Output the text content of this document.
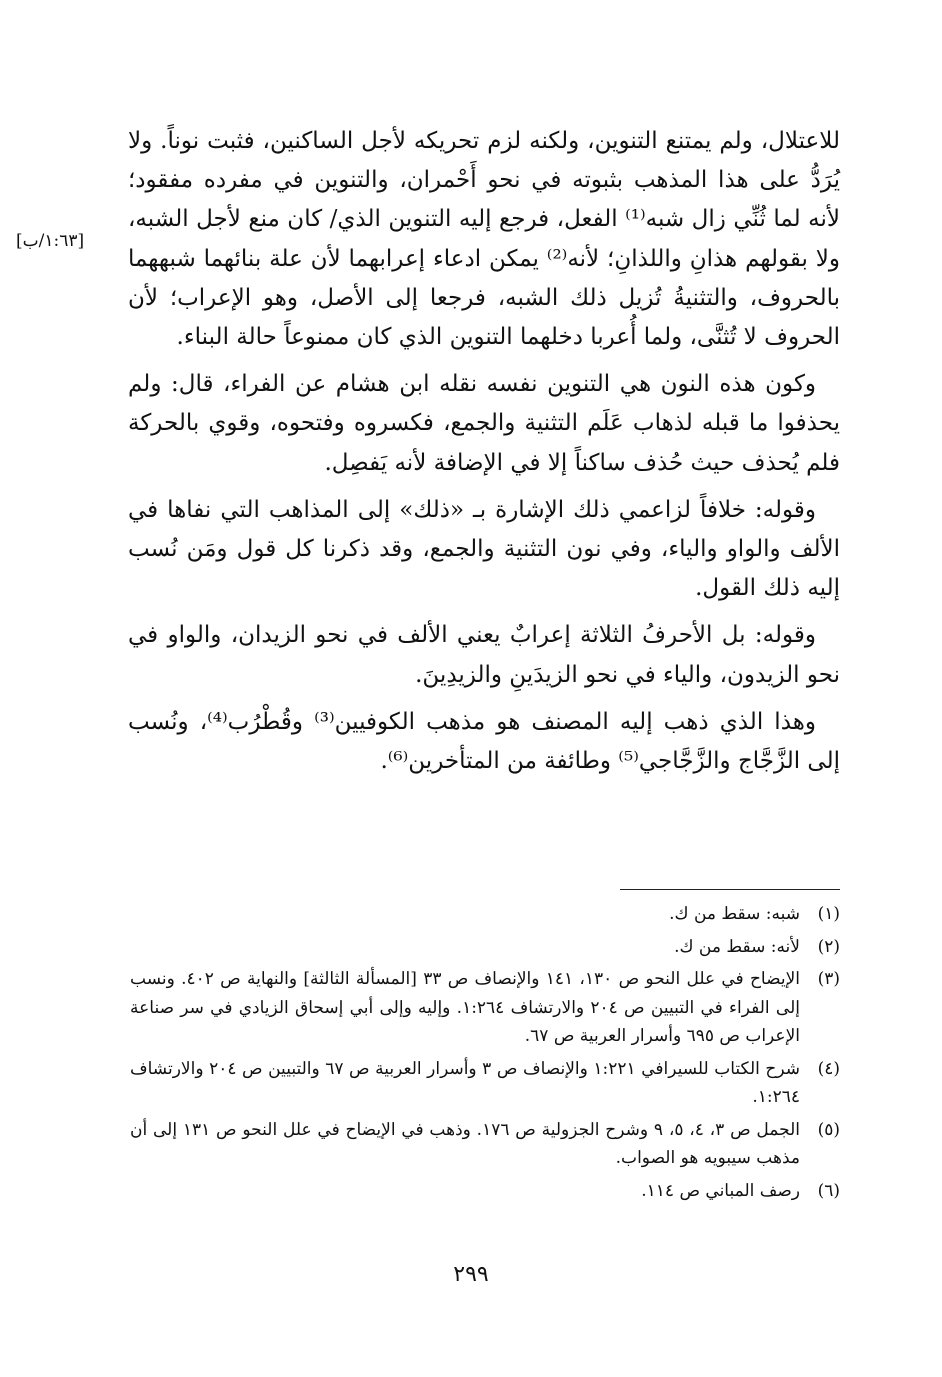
للاعتلال، ولم يمتنع التنوين، ولكنه لزم تحريكه لأجل الساكنين، فثبت نوناً. ولا يُرَدُّ على هذا المذهب بثبوته في نحو أَحْمران، والتنوين في مفرده مفقود؛ لأنه لما ثُنِّي زال شبه⁽¹⁾ الفعل، فرجع إليه التنوين الذي/ كان منع لأجل الشبه، ولا بقولهم هذانِ واللذانِ؛ لأنه⁽²⁾ يمكن ادعاء إعرابهما لأن علة بنائهما شبههما بالحروف، والتثنيةُ تُزيل ذلك الشبه، فرجعا إلى الأصل، وهو الإعراب؛ لأن الحروف لا تُثنَّى، ولما أُعربا دخلهما التنوين الذي كان ممنوعاً حالة البناء.

وكون هذه النون هي التنوين نفسه نقله ابن هشام عن الفراء، قال: ولم يحذفوا ما قبله لذهاب عَلَم التثنية والجمع، فكسروه وفتحوه، وقوي بالحركة فلم يُحذف حيث حُذف ساكناً إلا في الإضافة لأنه يَفصِل.

وقوله: خلافاً لزاعمي ذلك الإشارة بـ «ذلك» إلى المذاهب التي نفاها في الألف والواو والياء، وفي نون التثنية والجمع، وقد ذكرنا كل قول ومَن نُسب إليه ذلك القول.

وقوله: بل الأحرفُ الثلاثة إعرابٌ يعني الألف في نحو الزيدان، والواو في نحو الزيدون، والياء في نحو الزيدَينِ والزيدِينَ.

وهذا الذي ذهب إليه المصنف هو مذهب الكوفيين⁽³⁾ وقُطْرُب⁽⁴⁾، ونُسب إلى الزَّجَّاج والزَّجَّاجي⁽⁵⁾ وطائفة من المتأخرين⁽⁶⁾.

[١:٦٣/ب]
(١)
شبه: سقط من ك.
(٢)
لأنه: سقط من ك.
(٣)
الإيضاح في علل النحو ص ١٣٠، ١٤١ والإنصاف ص ٣٣ [المسألة الثالثة] والنهاية ص ٤٠٢. ونسب إلى الفراء في التبيين ص ٢٠٤ والارتشاف ١:٢٦٤. وإليه وإلى أبي إسحاق الزيادي في سر صناعة الإعراب ص ٦٩٥ وأسرار العربية ص ٦٧.
(٤)
شرح الكتاب للسيرافي ١:٢٢١ والإنصاف ص ٣ وأسرار العربية ص ٦٧ والتبيين ص ٢٠٤ والارتشاف ١:٢٦٤.
(٥)
الجمل ص ٣، ٤، ٥، ٩ وشرح الجزولية ص ١٧٦. وذهب في الإيضاح في علل النحو ص ١٣١ إلى أن مذهب سيبويه هو الصواب.
(٦)
رصف المباني ص ١١٤.
٢٩٩
